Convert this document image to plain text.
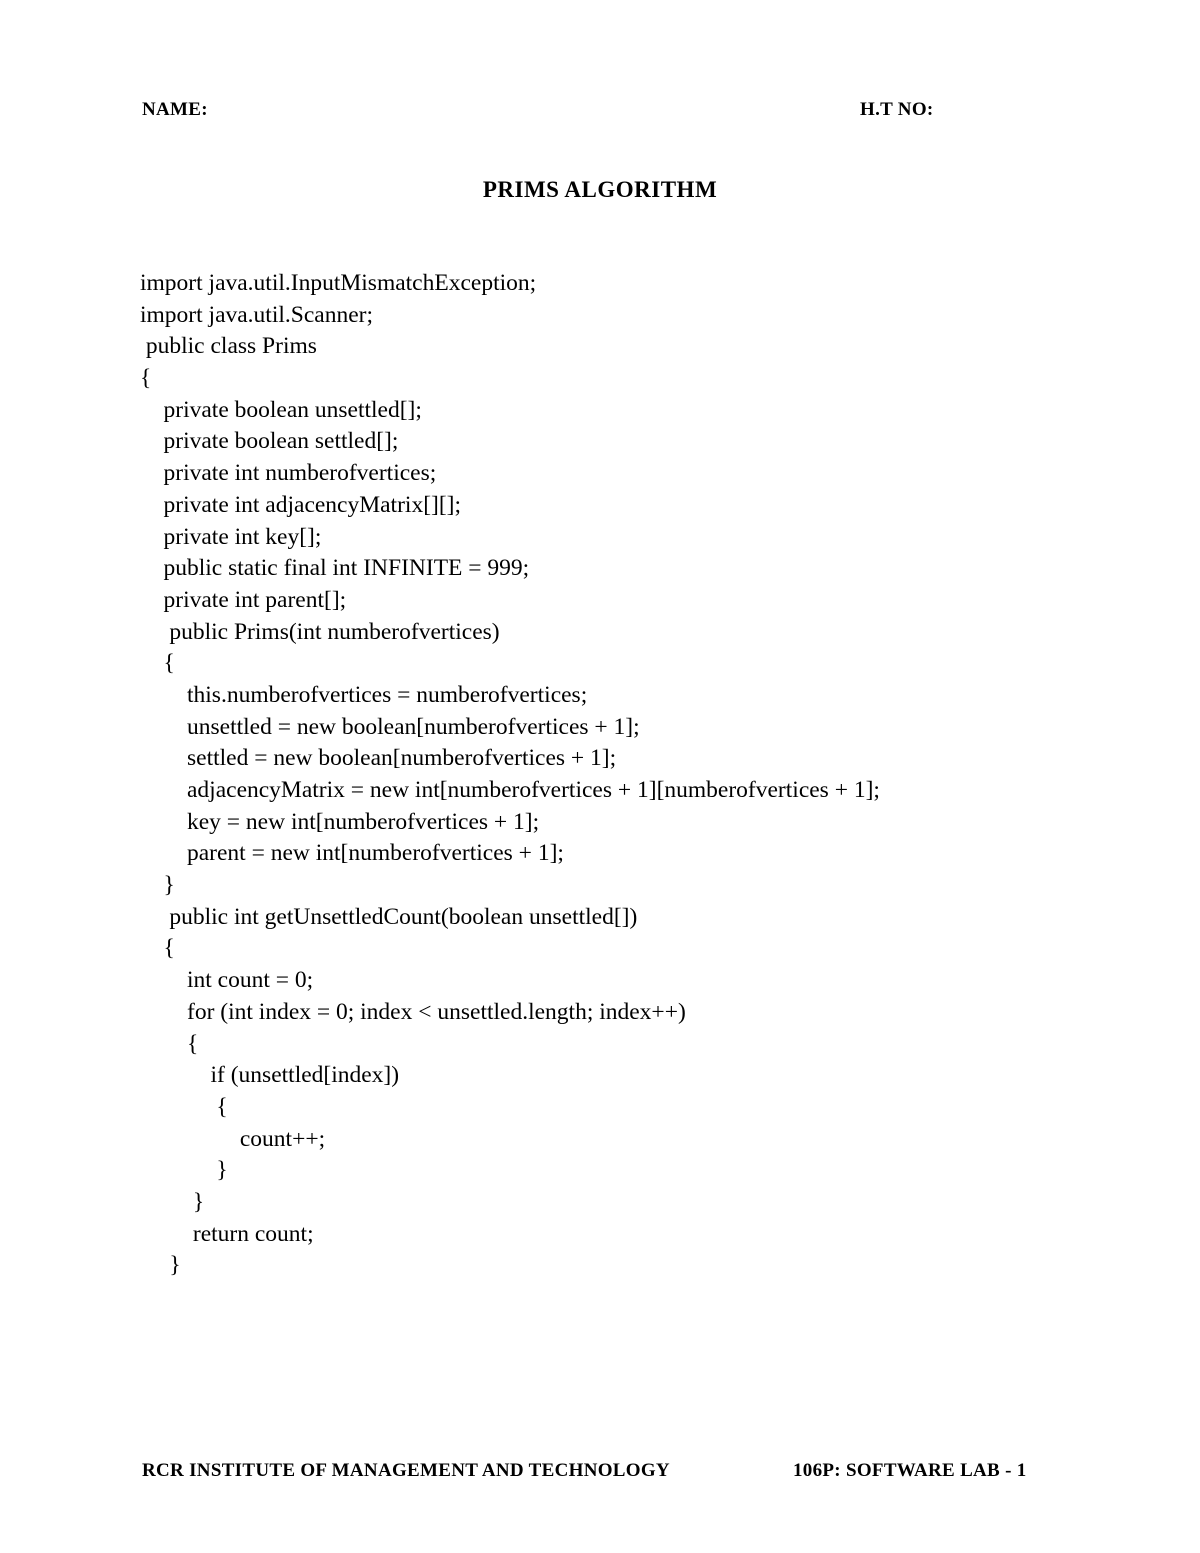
NAME:	H.T NO:
PRIMS ALGORITHM
import java.util.InputMismatchException;
import java.util.Scanner;
public class Prims
{
private boolean unsettled[];
private boolean settled[];
private int numberofvertices;
private int adjacencyMatrix[][];
private int key[];
public static final int INFINITE = 999;
private int parent[];
public Prims(int numberofvertices)
{
this.numberofvertices = numberofvertices;
unsettled = new boolean[numberofvertices + 1];
settled = new boolean[numberofvertices + 1];
adjacencyMatrix = new int[numberofvertices + 1][numberofvertices + 1];
key = new int[numberofvertices + 1];
parent = new int[numberofvertices + 1];
}
public int getUnsettledCount(boolean unsettled[])
{
int count = 0;
for (int index = 0; index < unsettled.length; index++)
{
if (unsettled[index])
{
count++;
}
}
return count;
}
RCR INSTITUTE OF MANAGEMENT AND TECHNOLOGY	106P: SOFTWARE LAB - 1
